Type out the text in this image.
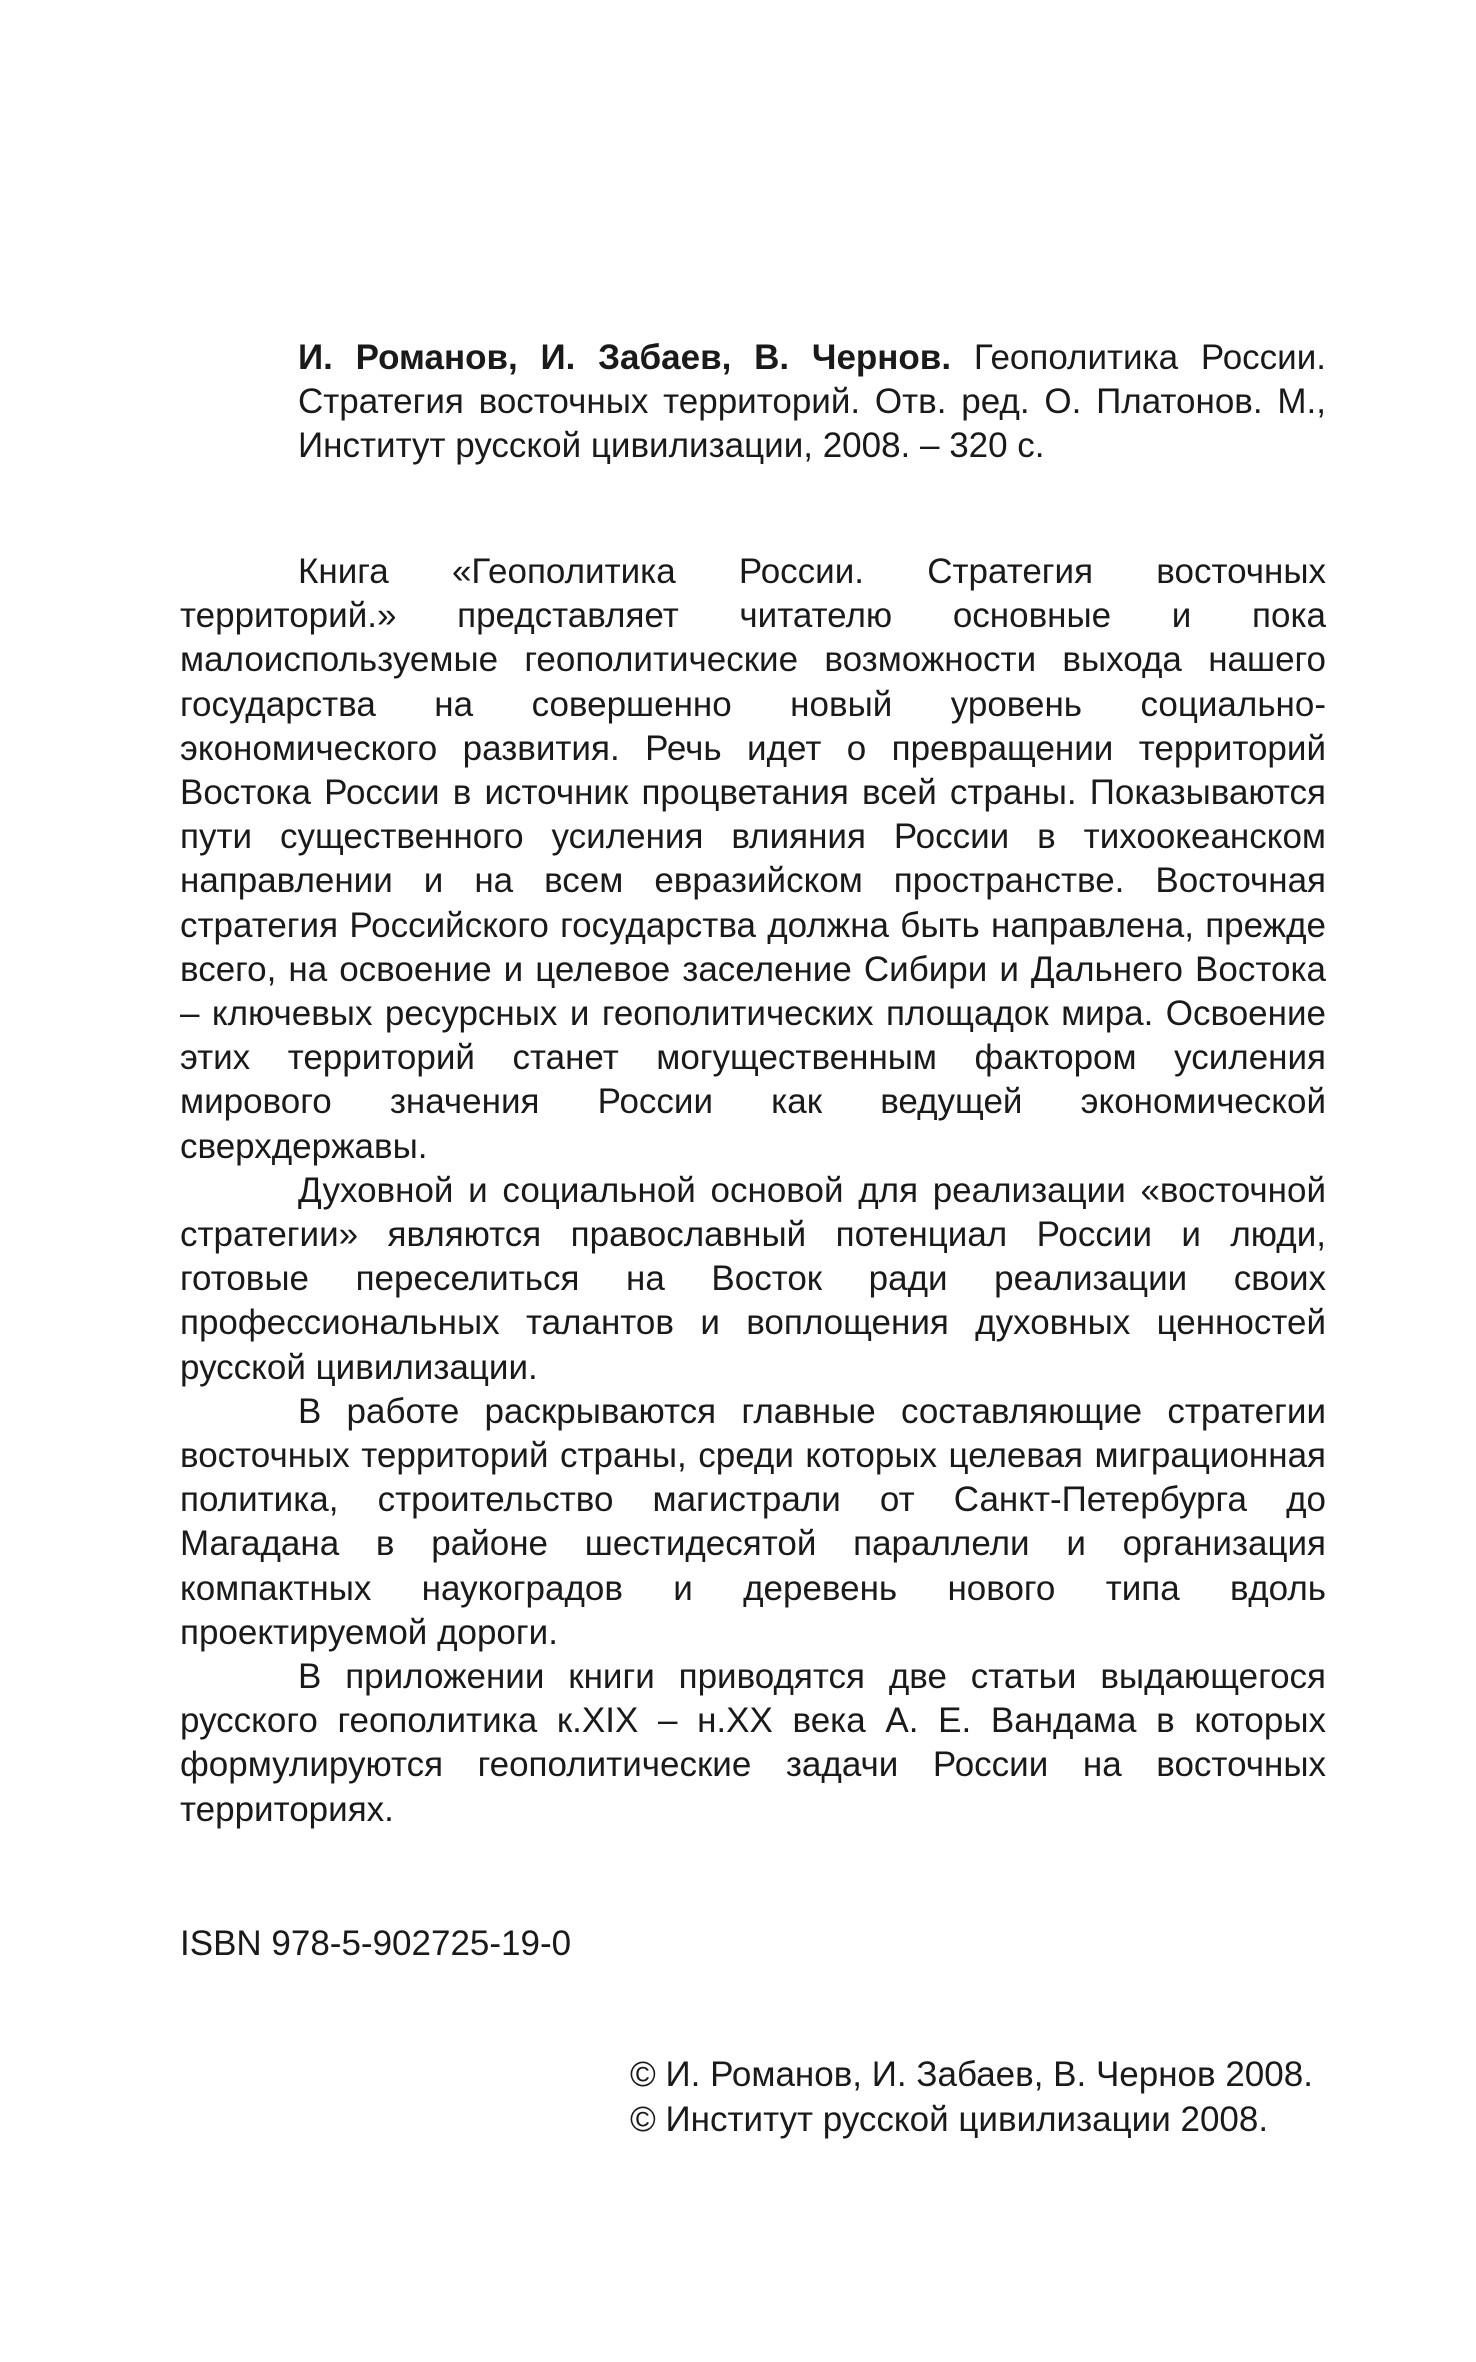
И. Романов, И. Забаев, В. Чернов. Геополитика России. Стратегия восточных территорий. Отв. ред. О. Платонов. М., Институт русской цивилизации, 2008. – 320 с.

Книга «Геополитика России. Стратегия восточных территорий.» представляет читателю основные и пока малоиспользуемые геополитические возможности выхода нашего государства на совершенно новый уровень социально-экономического развития. Речь идет о превращении территорий Востока России в источник процветания всей страны. Показываются пути существенного усиления влияния России в тихоокеанском направлении и на всем евразийском пространстве. Восточная стратегия Российского государства должна быть направлена, прежде всего, на освоение и целевое заселение Сибири и Дальнего Востока – ключевых ресурсных и геополитических площадок мира. Освоение этих территорий станет могущественным фактором усиления мирового значения России как ведущей экономической сверхдержавы.

Духовной и социальной основой для реализации «восточной стратегии» являются православный потенциал России и люди, готовые переселиться на Восток ради реализации своих профессиональных талантов и воплощения духовных ценностей русской цивилизации.

В работе раскрываются главные составляющие стратегии восточных территорий страны, среди которых целевая миграционная политика, строительство магистрали от Санкт-Петербурга до Магадана в районе шестидесятой параллели и организация компактных наукоградов и деревень нового типа вдоль проектируемой дороги.

В приложении книги приводятся две статьи выдающегося русского геополитика к.XIX – н.XX века А. Е. Вандама в которых формулируются геополитические задачи России на восточных территориях.

ISBN 978-5-902725-19-0

© И. Романов, И. Забаев, В. Чернов 2008.
© Институт русской цивилизации 2008.
